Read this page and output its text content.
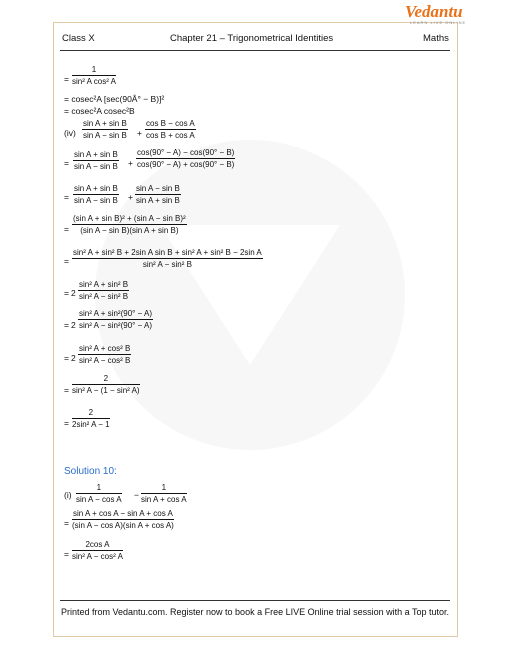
Vedantu
LEARN LIVE ONLINE
Class X	Chapter 21 – Trigonometrical Identities	Maths
= $\frac{1}{\text{sin² A cos² A}}$
= cosec²A [sec(90Â° − B)]²
= cosec²A cosec²B
$(iv) \frac{\text{sin A + sin B}}{\text{sin A − sin B}} + \frac{\text{cos B − cos A}}{\text{cos B + cos A}}$
= $\frac{\text{sin A + sin B}}{\text{sin A − sin B}} + \frac{\cos(90^\circ - A) - \cos(90^\circ - B)}{\cos(90^\circ - A) + \cos(90^\circ - B)}$
= $\frac{\text{sin A + sin B}}{\text{sin A − sin B}} + \frac{\text{sin A − sin B}}{\text{sin A + sin B}}$
= $\frac{\text{(sin A + sin B)² + (sin A − sin B)²}}{\text{(sin A − sin B)(sin A + sin B)}}$
= $\frac{\text{sin² A + sin² B + 2sin A sin B + sin² A + sin² B − 2sin A}}{\text{sin² A − sin² B}}$
= $2 \frac{\text{sin² A + sin² B}}{\text{sin² A − sin² B}}$
= $2 \frac{\text{sin² A + sin²(90° − A)}}{\text{sin² A − sin²(90° − A)}}$
= $2 \frac{\text{sin² A + cos² B}}{\text{sin² A − cos² B}}$
= $\frac{2}{\text{sin² A − (1 − sin² A)}}$
= $\frac{2}{\text{2sin² A − 1}}$
Solution 10:
$(i) \frac{1}{\text{sin A − cos A}} - \frac{1}{\text{sin A + cos A}}$
= $\frac{\text{sin A + cos A − sin A + cos A}}{\text{(sin A − cos A)(sin A + cos A)}}$
= $\frac{\text{2cos A}}{\text{sin² A − cos² A}}$
Printed from Vedantu.com. Register now to book a Free LIVE Online trial session with a Top tutor.
